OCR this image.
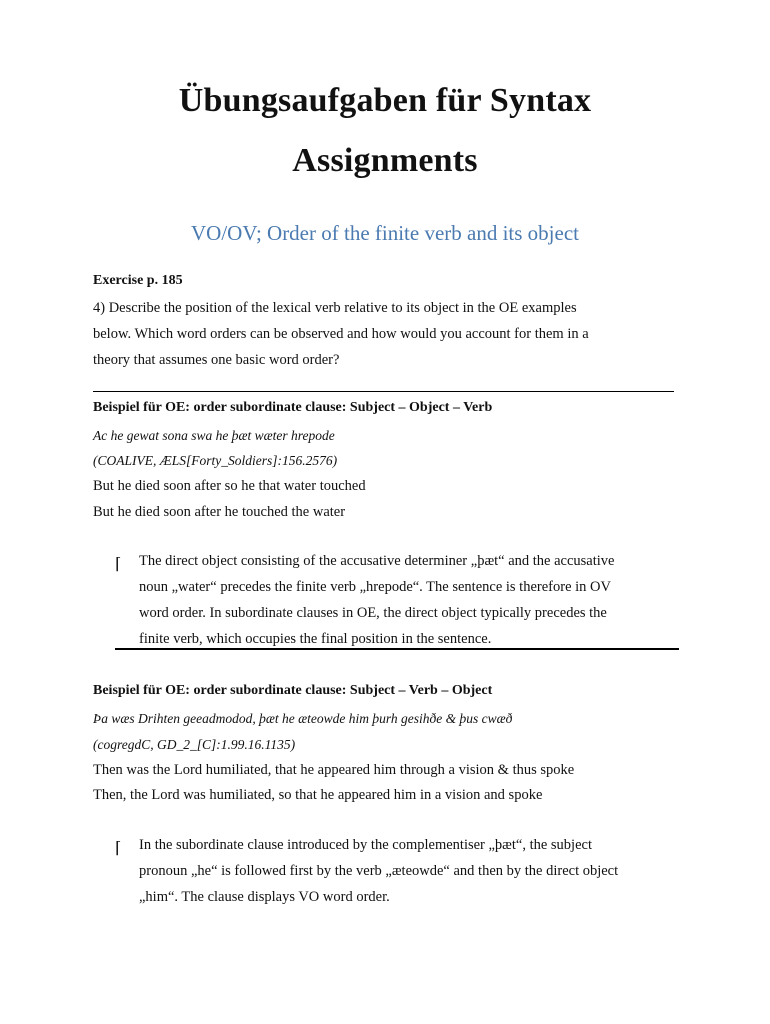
Übungsaufgaben für Syntax
Assignments
VO/OV; Order of the finite verb and its object
Exercise p. 185
4) Describe the position of the lexical verb relative to its object in the OE examples
below. Which word orders can be observed and how would you account for them in a
theory that assumes one basic word order?
Beispiel für OE: order subordinate clause: Subject – Object – Verb
Ac he gewat sona swa he þæt wæter hrepode
(COALIVE, ÆLS[Forty_Soldiers]:156.2576)
But he died soon after so he that water touched
But he died soon after he touched the water
⌈ The direct object consisting of the accusative determiner „þæt“ and the accusative
noun „water“ precedes the finite verb „hrepode“. The sentence is therefore in OV
word order. In subordinate clauses in OE, the direct object typically precedes the
finite verb, which occupies the final position in the sentence.
Beispiel für OE: order subordinate clause: Subject – Verb – Object
Þa wæs Drihten geeadmodod, þæt he æteowde him þurh gesihðe & þus cwæð
(cogregdC, GD_2_[C]:1.99.16.1135)
Then was the Lord humiliated, that he appeared him through a vision & thus spoke
Then, the Lord was humiliated, so that he appeared him in a vision and spoke
⌈ In the subordinate clause introduced by the complementiser „þæt“, the subject
pronoun „he“ is followed first by the verb „æteowde“ and then by the direct object
„him“. The clause displays VO word order.
